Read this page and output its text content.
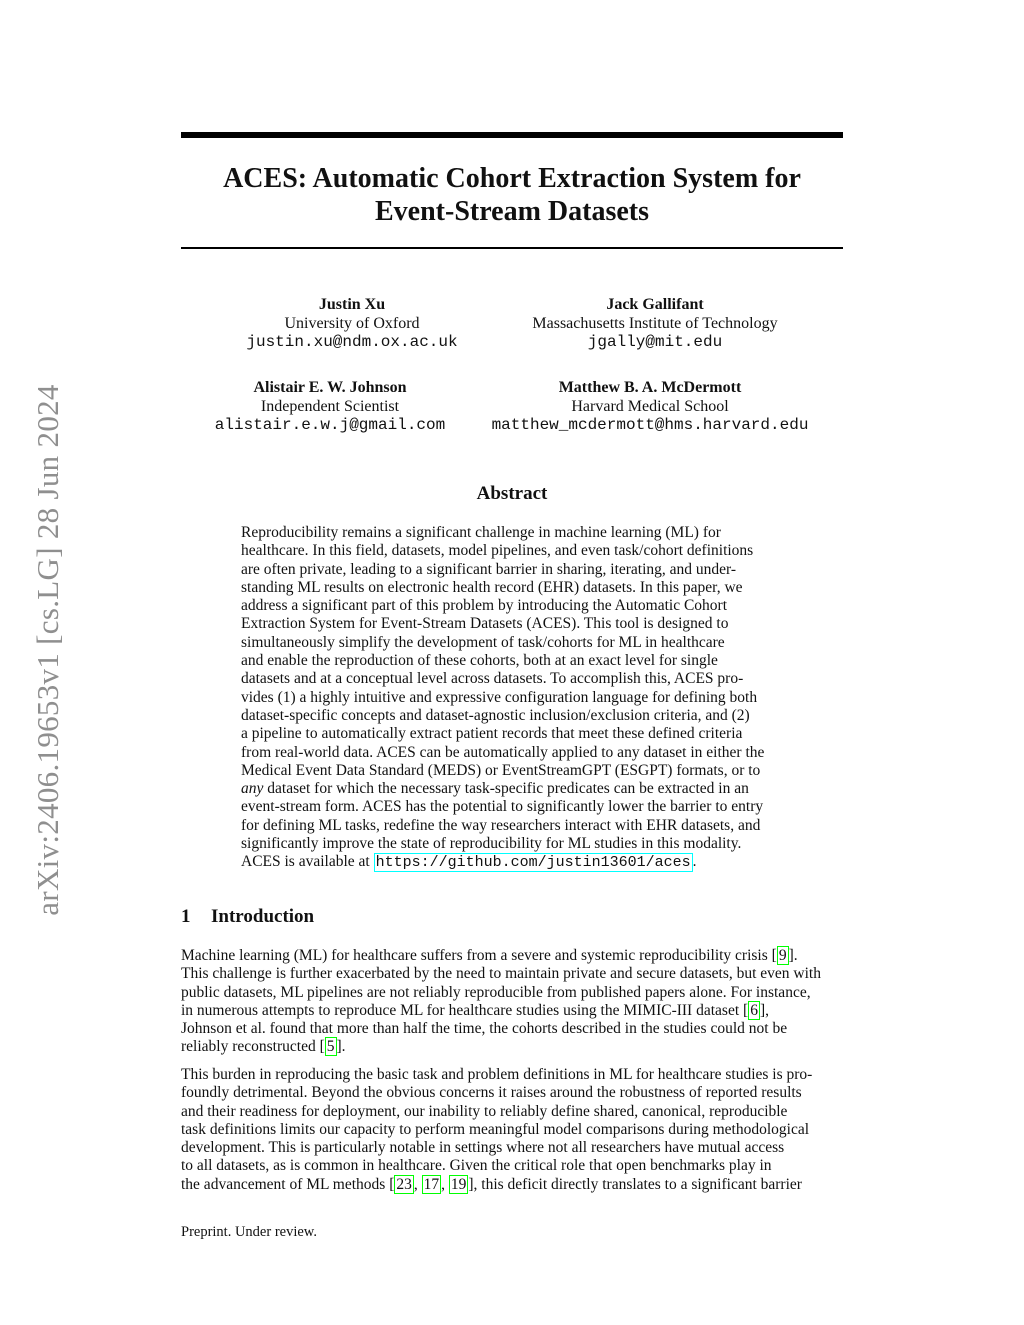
arXiv:2406.19653v1 [cs.LG] 28 Jun 2024
ACES: Automatic Cohort Extraction System for
Event-Stream Datasets
Justin Xu
University of Oxford
justin.xu@ndm.ox.ac.uk
Jack Gallifant
Massachusetts Institute of Technology
jgally@mit.edu
Alistair E. W. Johnson
Independent Scientist
alistair.e.w.j@gmail.com
Matthew B. A. McDermott
Harvard Medical School
matthew_mcdermott@hms.harvard.edu
Abstract
Reproducibility remains a significant challenge in machine learning (ML) for
healthcare. In this field, datasets, model pipelines, and even task/cohort definitions
are often private, leading to a significant barrier in sharing, iterating, and under-
standing ML results on electronic health record (EHR) datasets. In this paper, we
address a significant part of this problem by introducing the Automatic Cohort
Extraction System for Event-Stream Datasets (ACES). This tool is designed to
simultaneously simplify the development of task/cohorts for ML in healthcare
and enable the reproduction of these cohorts, both at an exact level for single
datasets and at a conceptual level across datasets. To accomplish this, ACES pro-
vides (1) a highly intuitive and expressive configuration language for defining both
dataset-specific concepts and dataset-agnostic inclusion/exclusion criteria, and (2)
a pipeline to automatically extract patient records that meet these defined criteria
from real-world data. ACES can be automatically applied to any dataset in either the
Medical Event Data Standard (MEDS) or EventStreamGPT (ESGPT) formats, or to
any dataset for which the necessary task-specific predicates can be extracted in an
event-stream form. ACES has the potential to significantly lower the barrier to entry
for defining ML tasks, redefine the way researchers interact with EHR datasets, and
significantly improve the state of reproducibility for ML studies in this modality.
ACES is available at https://github.com/justin13601/aces .
1 Introduction
Machine learning (ML) for healthcare suffers from a severe and systemic reproducibility crisis [ 9 ].
This challenge is further exacerbated by the need to maintain private and secure datasets, but even with
public datasets, ML pipelines are not reliably reproducible from published papers alone. For instance,
in numerous attempts to reproduce ML for healthcare studies using the MIMIC-III dataset [ 6 ],
Johnson et al. found that more than half the time, the cohorts described in the studies could not be
reliably reconstructed [ 5 ].
This burden in reproducing the basic task and problem definitions in ML for healthcare studies is pro-
foundly detrimental. Beyond the obvious concerns it raises around the robustness of reported results
and their readiness for deployment, our inability to reliably define shared, canonical, reproducible
task definitions limits our capacity to perform meaningful model comparisons during methodological
development. This is particularly notable in settings where not all researchers have mutual access
to all datasets, as is common in healthcare. Given the critical role that open benchmarks play in
the advancement of ML methods [ 23 , 17 , 19 ], this deficit directly translates to a significant barrier
Preprint. Under review.
